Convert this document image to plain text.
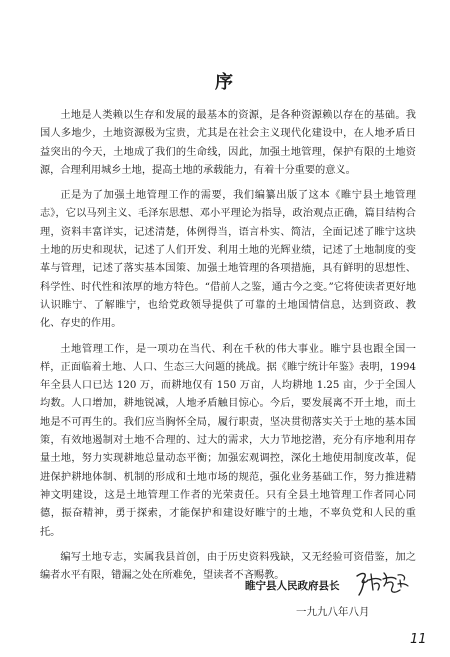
序

土地是人类赖以生存和发展的最基本的资源，是各种资源赖以存在的基础。我国人多地少，土地资源极为宝贵，尤其是在社会主义现代化建设中，在人地矛盾日益突出的今天，土地成了我们的生命线，因此，加强土地管理，保护有限的土地资源，合理利用城乡土地，提高土地的承载能力，有着十分重要的意义。

正是为了加强土地管理工作的需要，我们编纂出版了这本《睢宁县土地管理志》，它以马列主义、毛泽东思想、邓小平理论为指导，政治观点正确，篇目结构合理，资料丰富详实，记述清楚，体例得当，语言朴实、简洁，全面记述了睢宁这块土地的历史和现状，记述了人们开发、利用土地的光辉业绩，记述了土地制度的变革与管理，记述了落实基本国策、加强土地管理的各项措施，具有鲜明的思想性、科学性、时代性和浓厚的地方特色。“借前人之鉴，通古今之变。”它将使读者更好地认识睢宁、了解睢宁，也给党政领导提供了可靠的土地国情信息，达到资政、教化、存史的作用。

土地管理工作，是一项功在当代、利在千秋的伟大事业。睢宁县也跟全国一样，正面临着土地、人口、生态三大问题的挑战。据《睢宁统计年鉴》表明，1994 年全县人口已达 120 万，而耕地仅有 150 万亩，人均耕地 1.25 亩，少于全国人均数。人口增加，耕地锐减，人地矛盾触目惊心。今后，要发展离不开土地，而土地是不可再生的。我们应当胸怀全局，履行职责，坚决贯彻落实关于土地的基本国策，有效地遏制对土地不合理的、过大的需求，大力节地挖潜，充分有序地利用存量土地，努力实现耕地总量动态平衡；加强宏观调控，深化土地使用制度改革，促进保护耕地体制、机制的形成和土地市场的规范，强化业务基础工作，努力推进精神文明建设，这是土地管理工作者的光荣责任。只有全县土地管理工作者同心同德，振奋精神，勇于探索，才能保护和建设好睢宁的土地，不辜负党和人民的重托。

编写土地专志，实属我县首创，由于历史资料残缺，又无经验可资借鉴，加之编者水平有限，错漏之处在所难免，望读者不吝赐教。

睢宁县人民政府县长
一九九八年八月
11
